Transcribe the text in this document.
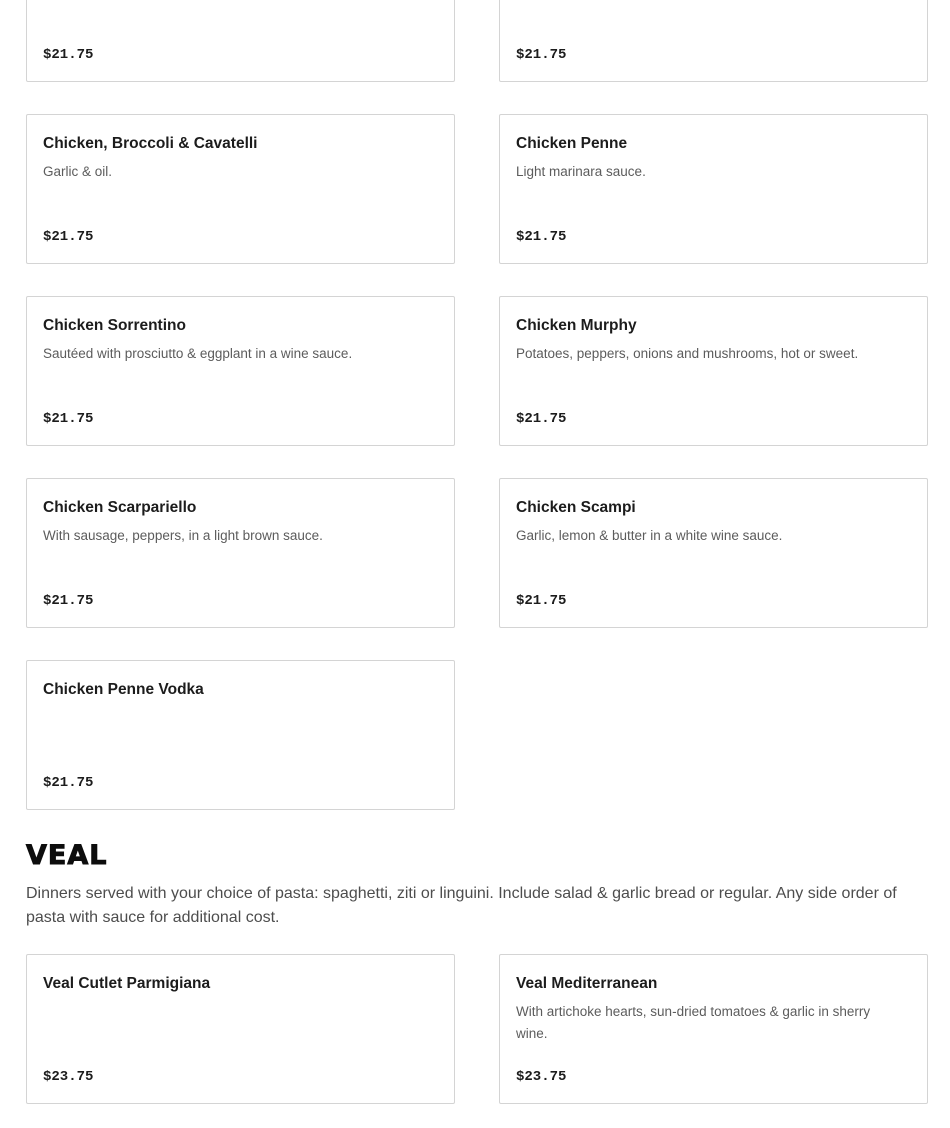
$21.75	$21.75
Chicken, Broccoli & Cavatelli
Garlic & oil.
$21.75
Chicken Penne
Light marinara sauce.
$21.75
Chicken Sorrentino
Sautéed with prosciutto & eggplant in a wine sauce.
$21.75
Chicken Murphy
Potatoes, peppers, onions and mushrooms, hot or sweet.
$21.75
Chicken Scarpariello
With sausage, peppers, in a light brown sauce.
$21.75
Chicken Scampi
Garlic, lemon & butter in a white wine sauce.
$21.75
Chicken Penne Vodka
$21.75
VEAL

Dinners served with your choice of pasta: spaghetti, ziti or linguini. Include salad & garlic bread or regular. Any side order of pasta with sauce for additional cost.

Veal Cutlet Parmigiana
$23.75
Veal Mediterranean
With artichoke hearts, sun-dried tomatoes & garlic in sherry wine.
$23.75
